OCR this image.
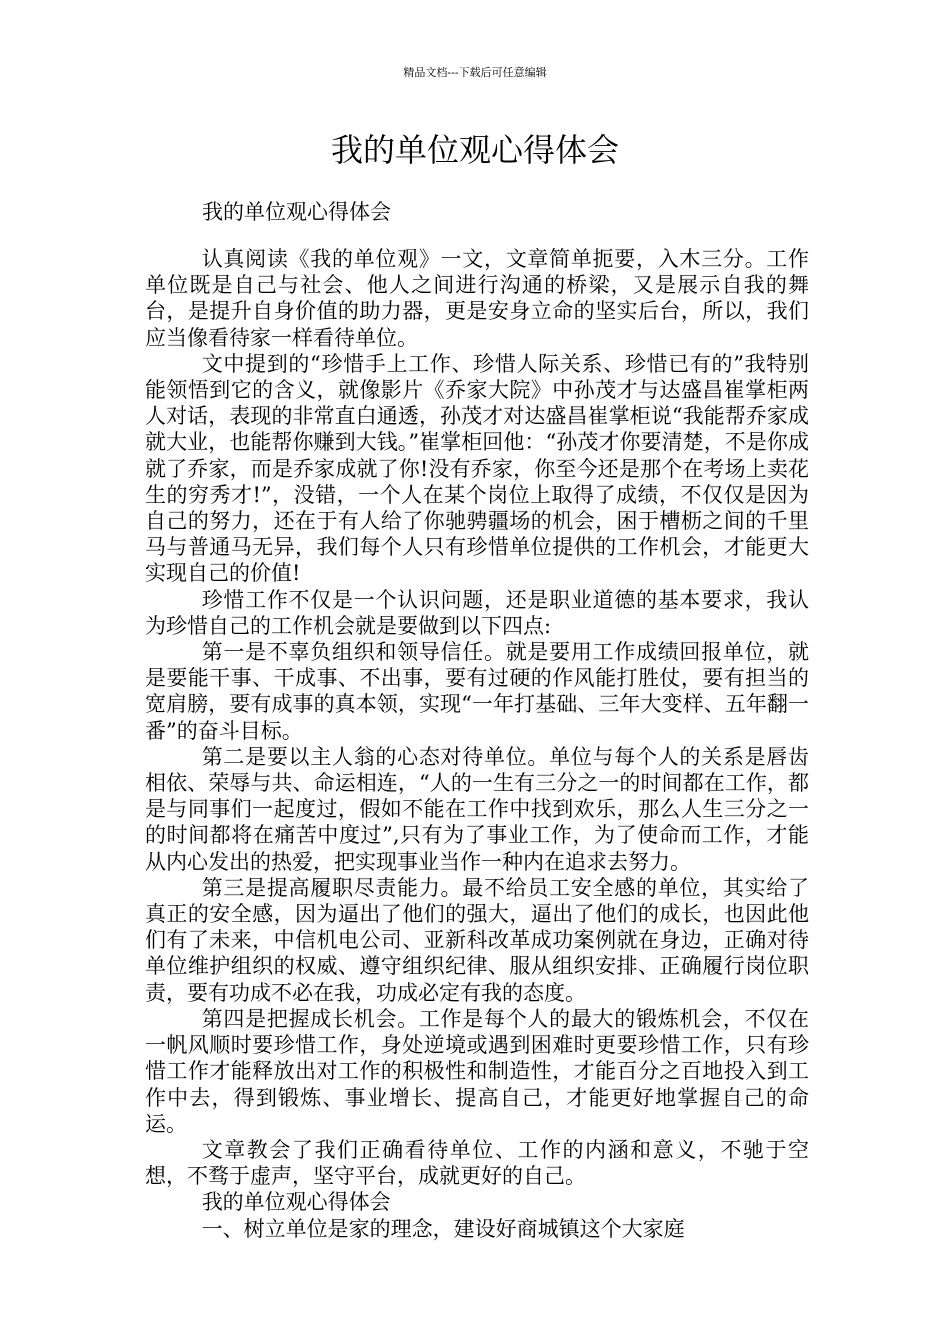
精品文档---下载后可任意编辑
我的单位观心得体会

我的单位观心得体会

认真阅读《我的单位观》一文，文章简单扼要，入木三分。工作单位既是自己与社会、他人之间进行沟通的桥梁，又是展示自我的舞台，是提升自身价值的助力器，更是安身立命的坚实后台，所以，我们应当像看待家一样看待单位。

文中提到的“珍惜手上工作、珍惜人际关系、珍惜已有的”我特别能领悟到它的含义，就像影片《乔家大院》中孙茂才与达盛昌崔掌柜两人对话，表现的非常直白通透，孙茂才对达盛昌崔掌柜说“我能帮乔家成就大业，也能帮你赚到大钱。”崔掌柜回他：“孙茂才你要清楚，不是你成就了乔家，而是乔家成就了你!没有乔家，你至今还是那个在考场上卖花生的穷秀才!”，没错，一个人在某个岗位上取得了成绩，不仅仅是因为自己的努力，还在于有人给了你驰骋疆场的机会，困于槽枥之间的千里马与普通马无异，我们每个人只有珍惜单位提供的工作机会，才能更大实现自己的价值!

珍惜工作不仅是一个认识问题，还是职业道德的基本要求，我认为珍惜自己的工作机会就是要做到以下四点:

第一是不辜负组织和领导信任。就是要用工作成绩回报单位，就是要能干事、干成事、不出事，要有过硬的作风能打胜仗，要有担当的宽肩膀，要有成事的真本领，实现“一年打基础、三年大变样、五年翻一番”的奋斗目标。

第二是要以主人翁的心态对待单位。单位与每个人的关系是唇齿相依、荣辱与共、命运相连，“人的一生有三分之一的时间都在工作，都是与同事们一起度过，假如不能在工作中找到欢乐，那么人生三分之一的时间都将在痛苦中度过”,只有为了事业工作，为了使命而工作，才能从内心发出的热爱，把实现事业当作一种内在追求去努力。

第三是提高履职尽责能力。最不给员工安全感的单位，其实给了真正的安全感，因为逼出了他们的强大，逼出了他们的成长，也因此他们有了未来，中信机电公司、亚新科改革成功案例就在身边，正确对待单位维护组织的权威、遵守组织纪律、服从组织安排、正确履行岗位职责，要有功成不必在我，功成必定有我的态度。

第四是把握成长机会。工作是每个人的最大的锻炼机会，不仅在一帆风顺时要珍惜工作，身处逆境或遇到困难时更要珍惜工作，只有珍惜工作才能释放出对工作的积极性和制造性，才能百分之百地投入到工作中去，得到锻炼、事业增长、提高自己，才能更好地掌握自己的命运。

文章教会了我们正确看待单位、工作的内涵和意义，不驰于空想，不骛于虚声，坚守平台，成就更好的自己。

我的单位观心得体会

一、树立单位是家的理念，建设好商城镇这个大家庭
